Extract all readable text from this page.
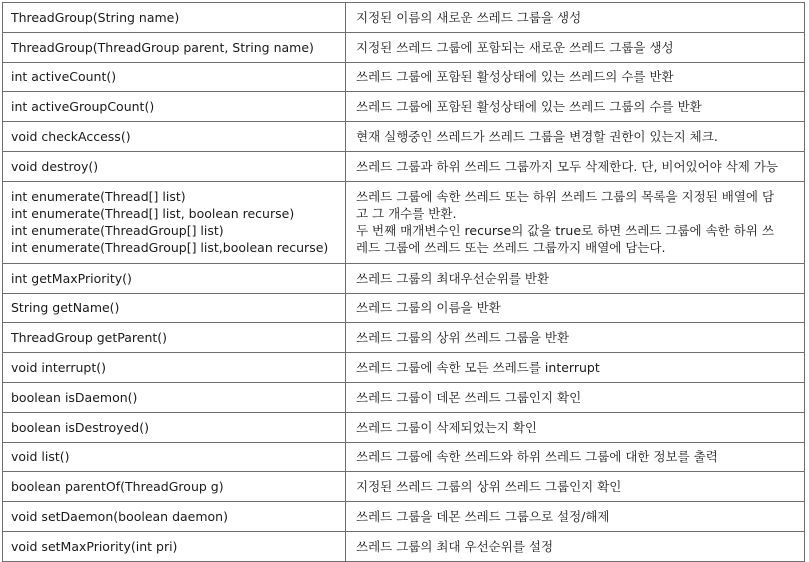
ThreadGroup(String name)	지정된 이름의 새로운 쓰레드 그룹을 생성

ThreadGroup(ThreadGroup parent, String name)	지정된 쓰레드 그룹에 포함되는 새로운 쓰레드 그룹을 생성

int activeCount()	쓰레드 그룹에 포함된 활성상태에 있는 쓰레드의 수를 반환

int activeGroupCount()	쓰레드 그룹에 포함된 활성상태에 있는 쓰레드 그룹의 수를 반환

void checkAccess()	현재 실행중인 쓰레드가 쓰레드 그룹을 변경할 권한이 있는지 체크.

void destroy()	쓰레드 그룹과 하위 쓰레드 그룹까지 모두 삭제한다. 단, 비어있어야 삭제 가능

int enumerate(Thread[] list)
int enumerate(Thread[] list, boolean recurse)
int enumerate(ThreadGroup[] list)
int enumerate(ThreadGroup[] list,boolean recurse)	쓰레드 그룹에 속한 쓰레드 또는 하위 쓰레드 그룹의 목록을 지정된 배열에 담
고 그 개수를 반환.
두 번째 매개변수인 recurse의 값을 true로 하면 쓰레드 그룹에 속한 하위 쓰
레드 그룹에 쓰레드 또는 쓰레드 그룹까지 배열에 담는다.

int getMaxPriority()	쓰레드 그룹의 최대우선순위를 반환

String getName()	쓰레드 그룹의 이름을 반환

ThreadGroup getParent()	쓰레드 그룹의 상위 쓰레드 그룹을 반환

void interrupt()	쓰레드 그룹에 속한 모든 쓰레드를 interrupt

boolean isDaemon()	쓰레드 그룹이 데몬 쓰레드 그룹인지 확인

boolean isDestroyed()	쓰레드 그룹이 삭제되었는지 확인

void list()	쓰레드 그룹에 속한 쓰레드와 하위 쓰레드 그룹에 대한 정보를 출력

boolean parentOf(ThreadGroup g)	지정된 쓰레드 그룹의 상위 쓰레드 그룹인지 확인

void setDaemon(boolean daemon)	쓰레드 그룹을 데몬 쓰레드 그룹으로 설정/해제

void setMaxPriority(int pri)	쓰레드 그룹의 최대 우선순위를 설정
